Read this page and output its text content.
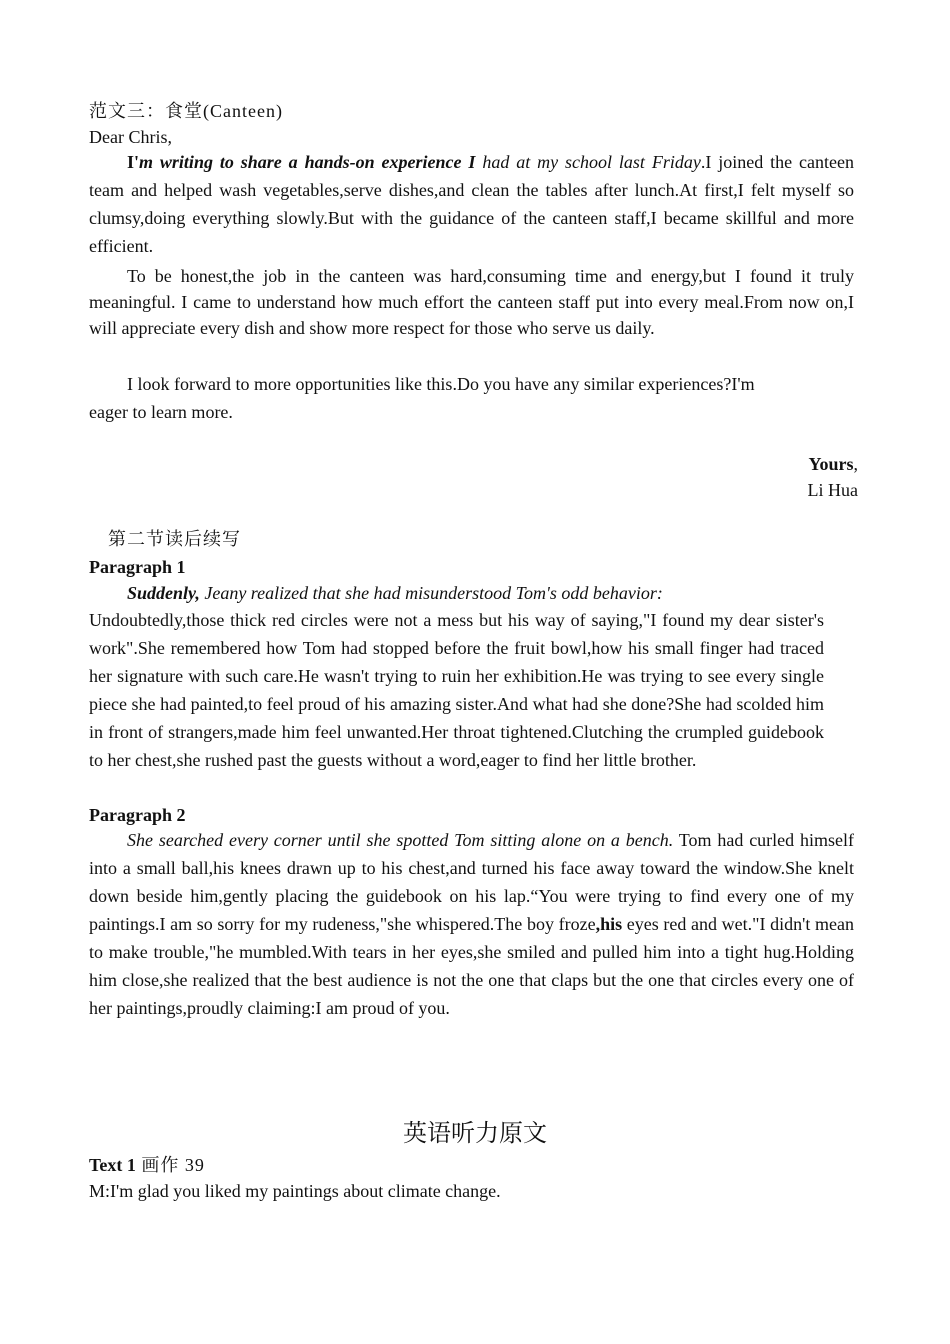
范文三：食堂(Canteen)
Dear Chris,
I'm writing to share a hands-on experience I had at my school last Friday.I joined the canteen team and helped wash vegetables,serve dishes,and clean the tables after lunch.At first,I felt myself so clumsy,doing everything slowly.But with the guidance of the canteen staff,I became skillful and more efficient.
To be honest,the job in the canteen was hard,consuming time and energy,but I found it truly meaningful. I came to understand how much effort the canteen staff put into every meal.From now on,I will appreciate every dish and show more respect for those who serve us daily.
I look forward to more opportunities like this.Do you have any similar experiences?I'm
eager to learn more.
Yours,
Li Hua
第二节读后续写
Paragraph 1
Suddenly, Jeany realized that she had misunderstood Tom's odd behavior:
Undoubtedly,those thick red circles were not a mess but his way of saying,"I found my dear sister's work".She remembered how Tom had stopped before the fruit bowl,how his small finger had traced her signature with such care.He wasn't trying to ruin her exhibition.He was trying to see every single piece she had painted,to feel proud of his amazing sister.And what had she done?She had scolded him in front of strangers,made him feel unwanted.Her throat tightened.Clutching the crumpled guidebook to her chest,she rushed past the guests without a word,eager to find her little brother.
Paragraph 2
She searched every corner until she spotted Tom sitting alone on a bench. Tom had curled himself into a small ball,his knees drawn up to his chest,and turned his face away toward the window.She knelt down beside him,gently placing the guidebook on his lap.“You were trying to find every one of my paintings.I am so sorry for my rudeness,"she whispered.The boy froze,his eyes red and wet."I didn't mean to make trouble,"he mumbled.With tears in her eyes,she smiled and pulled him into a tight hug.Holding him close,she realized that the best audience is not the one that claps but the one that circles every one of her paintings,proudly claiming:I am proud of you.
英语听力原文
Text 1 画作 39
M:I'm glad you liked my paintings about climate change.
